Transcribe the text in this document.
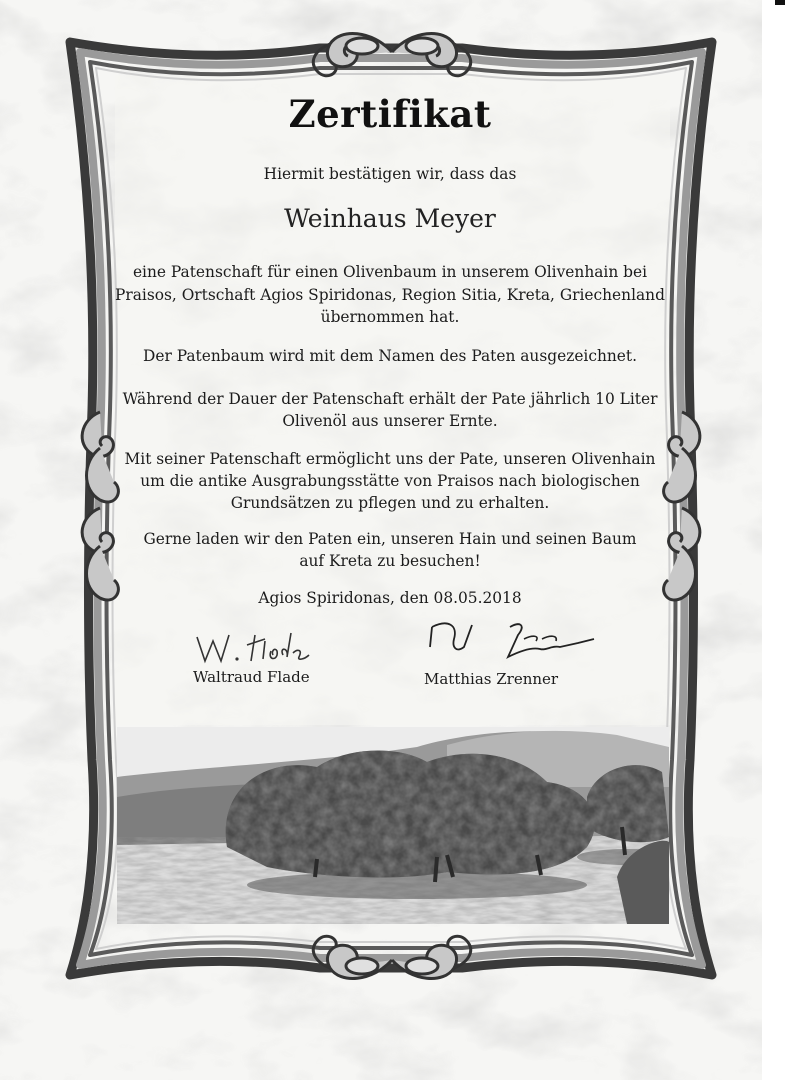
Zertifikat
Hiermit bestätigen wir, dass das
Weinhaus Meyer
eine Patenschaft für einen Olivenbaum in unserem Olivenhain bei
Praisos, Ortschaft Agios Spiridonas, Region Sitia, Kreta, Griechenland
übernommen hat.
Der Patenbaum wird mit dem Namen des Paten ausgezeichnet.
Während der Dauer der Patenschaft erhält der Pate jährlich 10 Liter
Olivenöl aus unserer Ernte.
Mit seiner Patenschaft ermöglicht uns der Pate, unseren Olivenhain
um die antike Ausgrabungsstätte von Praisos nach biologischen
Grundsätzen zu pflegen und zu erhalten.
Gerne laden wir den Paten ein, unseren Hain und seinen Baum
auf Kreta zu besuchen!
Agios Spiridonas, den 08.05.2018
Waltraud Flade	Matthias Zrenner
